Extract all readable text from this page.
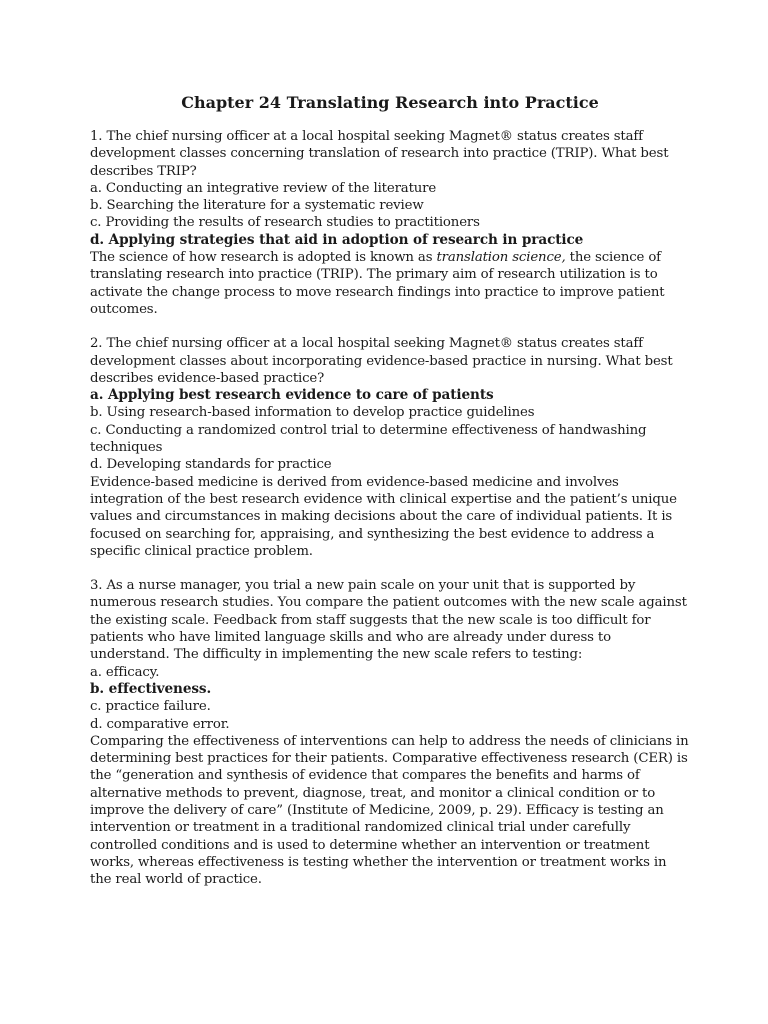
Chapter 24 Translating Research into Practice

1. The chief nursing officer at a local hospital seeking Magnet® status creates staff development classes concerning translation of research into practice (TRIP). What best describes TRIP?

a. Conducting an integrative review of the literature

b. Searching the literature for a systematic review

c. Providing the results of research studies to practitioners

d. Applying strategies that aid in adoption of research in practice

The science of how research is adopted is known as translation science, the science of translating research into practice (TRIP). The primary aim of research utilization is to activate the change process to move research findings into practice to improve patient outcomes.

2. The chief nursing officer at a local hospital seeking Magnet® status creates staff development classes about incorporating evidence-based practice in nursing. What best describes evidence-based practice?

a. Applying best research evidence to care of patients

b. Using research-based information to develop practice guidelines

c. Conducting a randomized control trial to determine effectiveness of handwashing techniques

d. Developing standards for practice

Evidence-based medicine is derived from evidence-based medicine and involves integration of the best research evidence with clinical expertise and the patient’s unique values and circumstances in making decisions about the care of individual patients. It is focused on searching for, appraising, and synthesizing the best evidence to address a specific clinical practice problem.

3. As a nurse manager, you trial a new pain scale on your unit that is supported by numerous research studies. You compare the patient outcomes with the new scale against the existing scale. Feedback from staff suggests that the new scale is too difficult for patients who have limited language skills and who are already under duress to understand. The difficulty in implementing the new scale refers to testing:

a. efficacy.

b. effectiveness.

c. practice failure.

d. comparative error.

Comparing the effectiveness of interventions can help to address the needs of clinicians in determining best practices for their patients. Comparative effectiveness research (CER) is the “generation and synthesis of evidence that compares the benefits and harms of alternative methods to prevent, diagnose, treat, and monitor a clinical condition or to improve the delivery of care” (Institute of Medicine, 2009, p. 29). Efficacy is testing an intervention or treatment in a traditional randomized clinical trial under carefully controlled conditions and is used to determine whether an intervention or treatment works, whereas effectiveness is testing whether the intervention or treatment works in the real world of practice.
